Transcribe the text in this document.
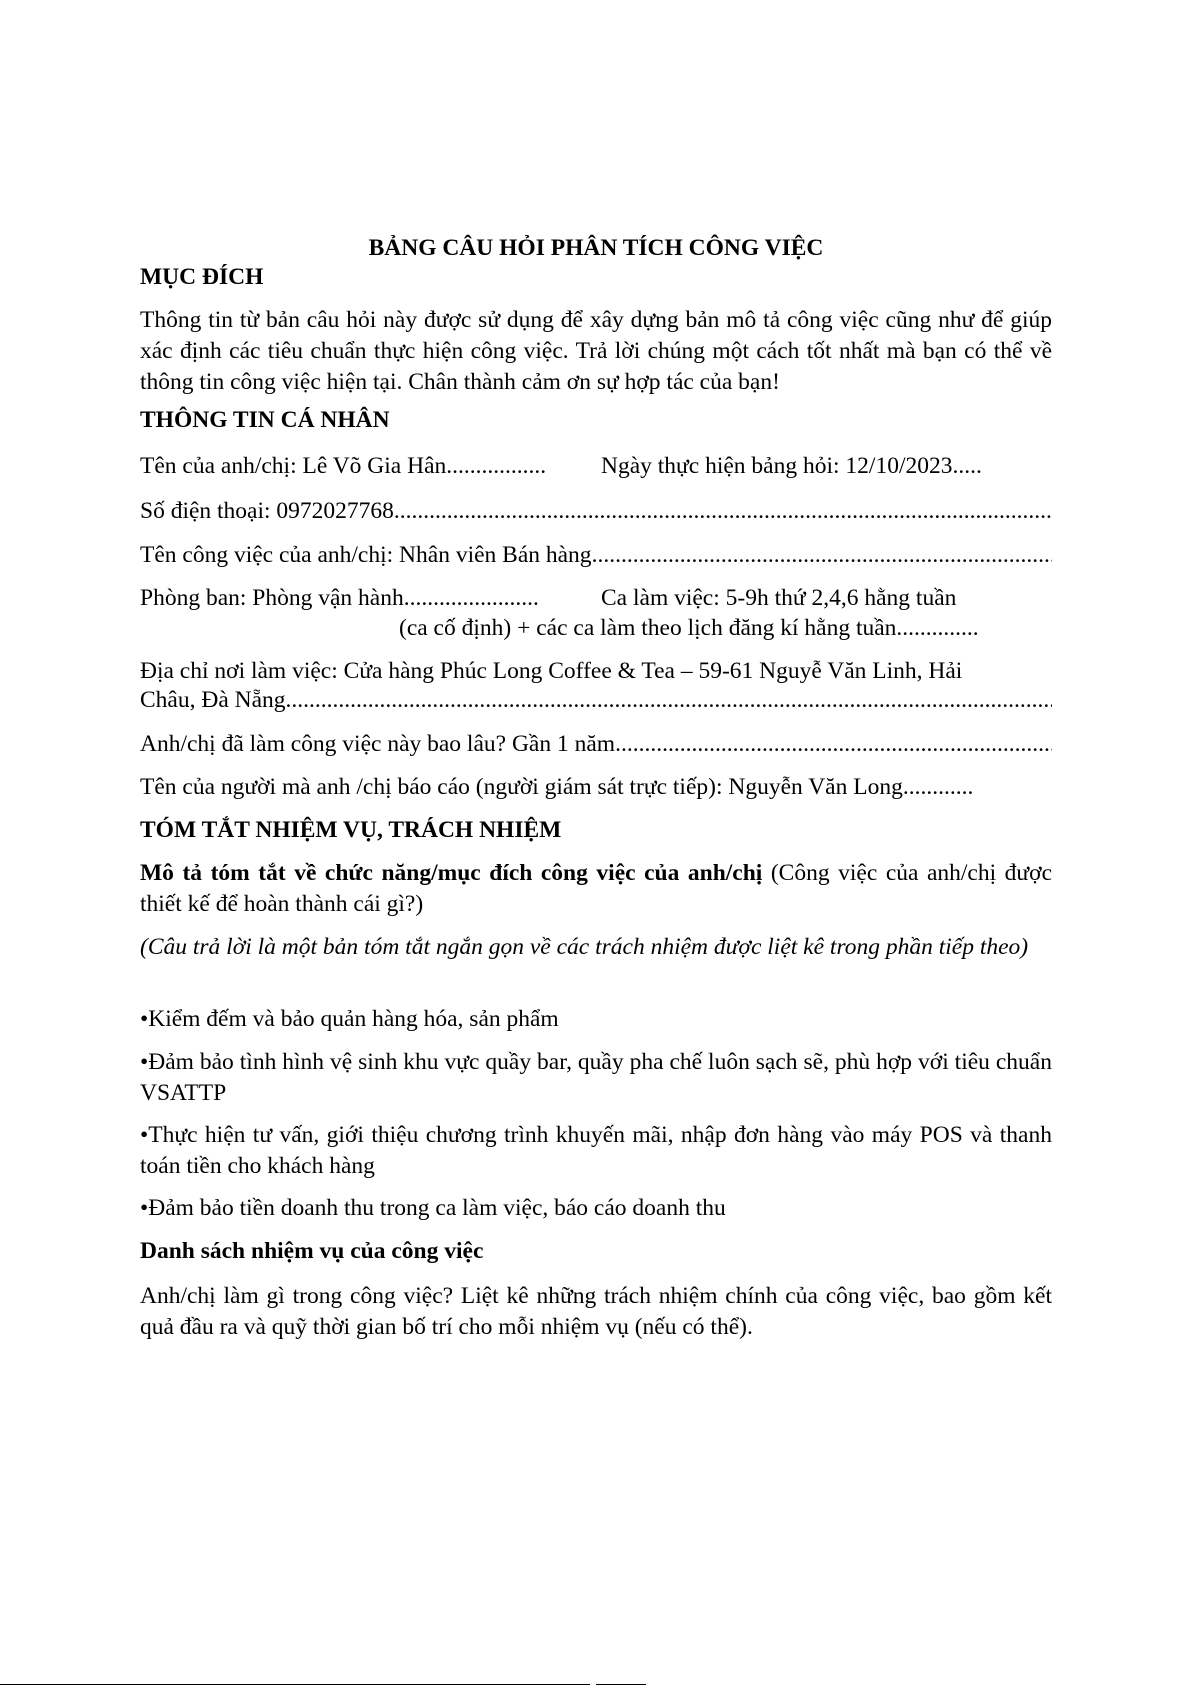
BẢNG CÂU HỎI PHÂN TÍCH CÔNG VIỆC
MỤC ĐÍCH
Thông tin từ bản câu hỏi này được sử dụng để xây dựng bản mô tả công việc cũng như để giúp xác định các tiêu chuẩn thực hiện công việc. Trả lời chúng một cách tốt nhất mà bạn có thể về thông tin công việc hiện tại. Chân thành cảm ơn sự hợp tác của bạn!
THÔNG TIN CÁ NHÂN
Tên của anh/chị: Lê Võ Gia Hân................. Ngày thực hiện bảng hỏi: 12/10/2023.....
Số điện thoại: 0972027768
.....
Tên công việc của anh/chị: Nhân viên Bán hàng
.....
Phòng ban: Phòng vận hành.......................	Ca làm việc: 5-9h thứ 2,4,6 hằng tuần
(ca cố định) + các ca làm theo lịch đăng kí hằng tuần..............
Địa chỉ nơi làm việc: Cửa hàng Phúc Long Coffee & Tea – 59-61 Nguyễ Văn Linh, Hải
Châu, Đà Nẵng
.....
Anh/chị đã làm công việc này bao lâu? Gần 1 năm
.....
Tên của người mà anh /chị báo cáo (người giám sát trực tiếp): Nguyễn Văn Long............
TÓM TẮT NHIỆM VỤ, TRÁCH NHIỆM
Mô tả tóm tắt về chức năng/mục đích công việc của anh/chị (Công việc của anh/chị được thiết kế để hoàn thành cái gì?)
(Câu trả lời là một bản tóm tắt ngắn gọn về các trách nhiệm được liệt kê trong phần tiếp theo)
•Kiểm đếm và bảo quản hàng hóa, sản phẩm
•Đảm bảo tình hình vệ sinh khu vực quầy bar, quầy pha chế luôn sạch sẽ, phù hợp với tiêu chuẩn VSATTP
•Thực hiện tư vấn, giới thiệu chương trình khuyến mãi, nhập đơn hàng vào máy POS và thanh toán tiền cho khách hàng
•Đảm bảo tiền doanh thu trong ca làm việc, báo cáo doanh thu
Danh sách nhiệm vụ của công việc
Anh/chị làm gì trong công việc? Liệt kê những trách nhiệm chính của công việc, bao gồm kết quả đầu ra và quỹ thời gian bố trí cho mỗi nhiệm vụ (nếu có thể).
